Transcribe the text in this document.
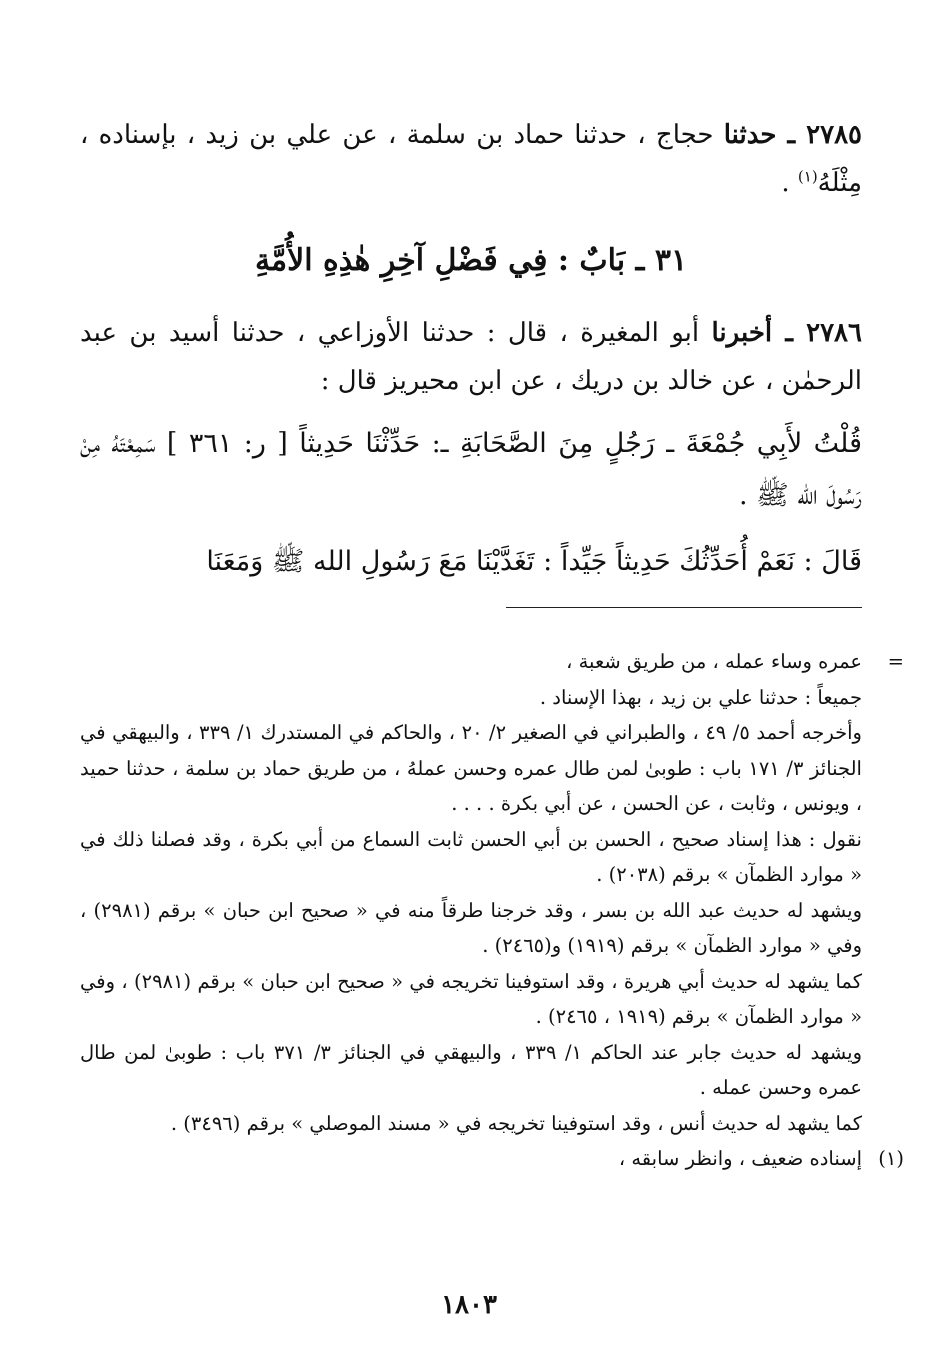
٢٧٨٥ ـ حدثنا حجاج ، حدثنا حماد بن سلمة ، عن علي بن زيد ، بإسناده ، مِثْلَهُ$^{(١)}$ .
٣١ ـ بَابٌ : فِي فَضْلِ آخِرِ هٰذِهِ الأُمَّةِ
٢٧٨٦ ـ أخبرنا أبو المغيرة ، قال : حدثنا الأوزاعي ، حدثنا أسيد بن عبد الرحمٰن ، عن خالد بن دريك ، عن ابن محيريز قال :
قُلْتُ لأَبِي جُمْعَةَ ـ رَجُلٍ مِنَ الصَّحَابَةِ ـ: حَدِّثْنَا حَدِيثاً [ ر: ٣٦١ ] سَمِعْتَهُ مِنْ رَسُولَ الله ﷺ .
قَالَ : نَعَمْ أُحَدِّثُكَ حَدِيثاً جَيِّداً : تَغَدَّيْنَا مَعَ رَسُولِ الله ﷺ وَمَعَنَا
=
عمره وساء عمله ، من طريق شعبة ،
جميعاً : حدثنا علي بن زيد ، بهذا الإسناد .
وأخرجه أحمد ٥/ ٤٩ ، والطبراني في الصغير ٢/ ٢٠ ، والحاكم في المستدرك ١/ ٣٣٩ ، والبيهقي في الجنائز ٣/ ١٧١ باب : طوبىٰ لمن طال عمره وحسن عملهُ ، من طريق حماد بن سلمة ، حدثنا حميد ، ويونس ، وثابت ، عن الحسن ، عن أبي بكرة . . . .
نقول : هذا إسناد صحيح ، الحسن بن أبي الحسن ثابت السماع من أبي بكرة ، وقد فصلنا ذلك في « موارد الظمآن » برقم (٢٠٣٨) .
ويشهد له حديث عبد الله بن بسر ، وقد خرجنا طرقاً منه في « صحيح ابن حبان » برقم (٢٩٨١) ، وفي « موارد الظمآن » برقم (١٩١٩) و(٢٤٦٥) .
كما يشهد له حديث أبي هريرة ، وقد استوفينا تخريجه في « صحيح ابن حبان » برقم (٢٩٨١) ، وفي « موارد الظمآن » برقم (١٩١٩ ، ٢٤٦٥) .
ويشهد له حديث جابر عند الحاكم ١/ ٣٣٩ ، والبيهقي في الجنائز ٣/ ٣٧١ باب : طوبىٰ لمن طال عمره وحسن عمله .
كما يشهد له حديث أنس ، وقد استوفينا تخريجه في « مسند الموصلي » برقم (٣٤٩٦) .
(١)
إسناده ضعيف ، وانظر سابقه ،
١٨٠٣
